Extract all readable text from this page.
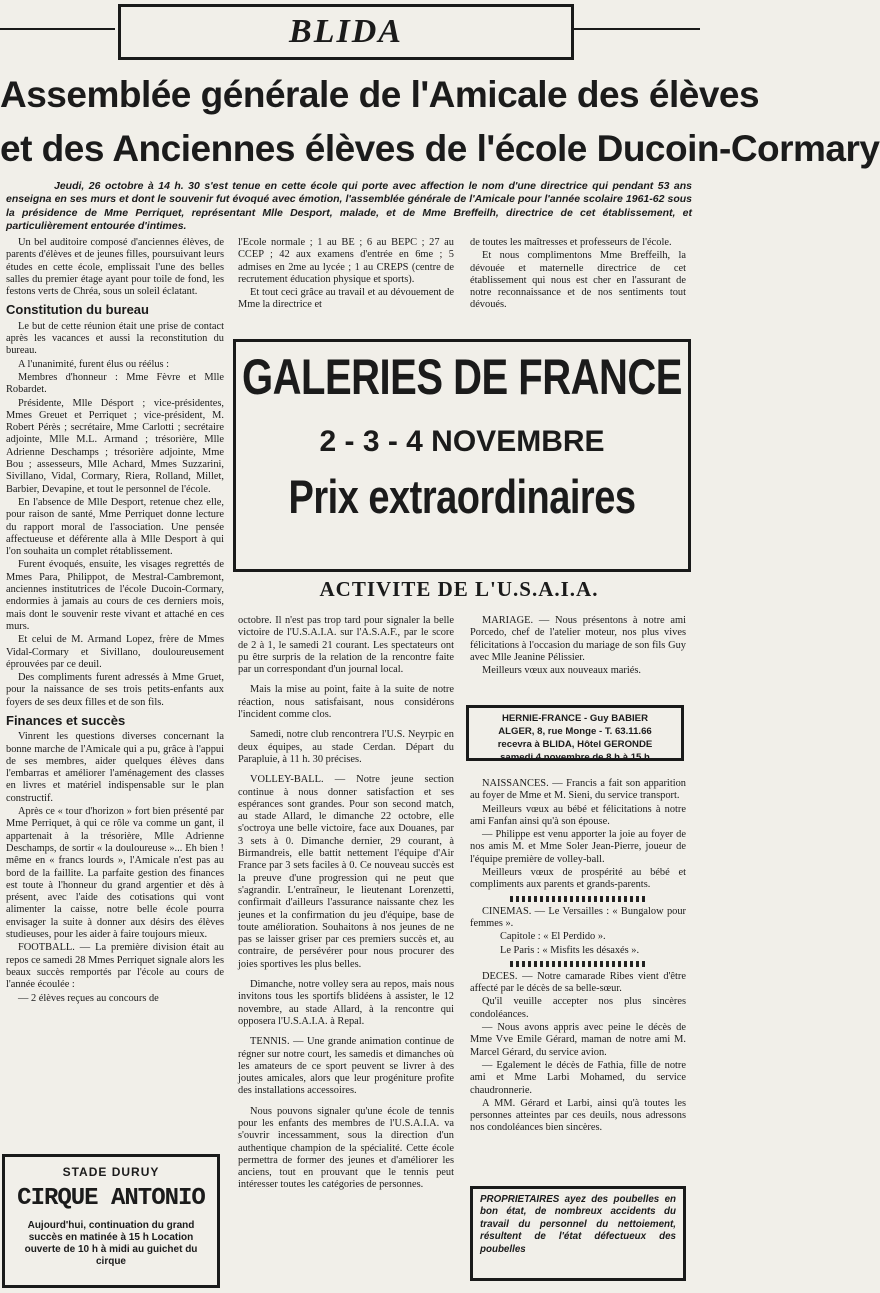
BLIDA
Assemblée générale de l'Amicale des élèves
et des Anciennes élèves de l'école Ducoin-Cormary
Jeudi, 26 octobre à 14 h. 30 s'est tenue en cette école qui porte avec affection le nom d'une directrice qui pendant 53 ans enseigna en ses murs et dont le souvenir fut évoqué avec émotion, l'assemblée générale de l'Amicale pour l'année scolaire 1961-62 sous la présidence de Mme Perriquet, représentant Mlle Desport, malade, et de Mme Breffeilh, directrice de cet établissement, et particulièrement entourée d'intimes.

Un bel auditoire composé d'anciennes élèves, de parents d'élèves et de jeunes filles, poursuivant leurs études en cette école, emplissait l'une des belles salles du premier étage ayant pour toile de fond, les festons verts de Chréa, sous un soleil éclatant.

Constitution du bureau

Le but de cette réunion était une prise de contact après les vacances et aussi la reconstitution du bureau.

A l'unanimité, furent élus ou réélus :

Membres d'honneur : Mme Fèvre et Mlle Robardet.

Présidente, Mlle Désport ; vice-présidentes, Mmes Greuet et Perriquet ; vice-président, M. Robert Pérès ; secrétaire, Mme Carlotti ; secrétaire adjointe, Mlle M.L. Armand ; trésorière, Mlle Adrienne Deschamps ; trésorière adjointe, Mme Bou ; assesseurs, Mlle Achard, Mmes Suzzarini, Sivillano, Vidal, Cormary, Riera, Rolland, Millet, Barbier, Devapine, et tout le personnel de l'école.

En l'absence de Mlle Desport, retenue chez elle, pour raison de santé, Mme Perriquet donne lecture du rapport moral de l'association. Une pensée affectueuse et déférente alla à Mlle Desport à qui l'on souhaita un complet rétablissement.

Furent évoqués, ensuite, les visages regrettés de Mmes Para, Philippot, de Mestral-Cambremont, anciennes institutrices de l'école Ducoin-Cormary, endormies à jamais au cours de ces derniers mois, mais dont le souvenir reste vivant et attaché en ces murs.

Et celui de M. Armand Lopez, frère de Mmes Vidal-Cormary et Sivillano, douloureusement éprouvées par ce deuil.

Des compliments furent adressés à Mme Gruet, pour la naissance de ses trois petits-enfants aux foyers de ses deux filles et de son fils.

Finances et succès

Vinrent les questions diverses concernant la bonne marche de l'Amicale qui a pu, grâce à l'appui de ses membres, aider quelques élèves dans l'embarras et améliorer l'aménagement des classes en livres et matériel indispensable sur le plan constructif.

Après ce « tour d'horizon » fort bien présenté par Mme Perriquet, à qui ce rôle va comme un gant, il appartenait à la trésorière, Mlle Adrienne Deschamps, de sortir « la douloureuse »... Eh bien ! même en « francs lourds », l'Amicale n'est pas au bord de la faillite. La parfaite gestion des finances est toute à l'honneur du grand argentier et dès à présent, avec l'aide des cotisations qui vont alimenter la caisse, notre belle école pourra envisager la suite à donner aux désirs des élèves studieuses, pour les aider à faire toujours mieux.

FOOTBALL. — La première division était au repos ce samedi 28 Mmes Perriquet signale alors les beaux succès remportés par l'école au cours de l'année écoulée :

— 2 élèves reçues au concours de

l'Ecole normale ; 1 au BE ; 6 au BEPC ; 27 au CCEP ; 42 aux examens d'entrée en 6me ; 5 admises en 2me au lycée ; 1 au CREPS (centre de recrutement éducation physique et sports).

Et tout ceci grâce au travail et au dévouement de Mme la directrice et

de toutes les maîtresses et professeurs de l'école.

Et nous complimentons Mme Breffeilh, la dévouée et maternelle directrice de cet établissement qui nous est cher en l'assurant de notre reconnaissance et de nos sentiments tout dévoués.

GALERIES DE FRANCE
2 - 3 - 4 NOVEMBRE
Prix extraordinaires
ACTIVITE DE L'U.S.A.I.A.

octobre. Il n'est pas trop tard pour signaler la belle victoire de l'U.S.A.I.A. sur l'A.S.A.F., par le score de 2 à 1, le samedi 21 courant. Les spectateurs ont pu être surpris de la relation de la rencontre faite par un correspondant d'un journal local.

Mais la mise au point, faite à la suite de notre réaction, nous satisfaisant, nous considérons l'incident comme clos.

Samedi, notre club rencontrera l'U.S. Neyrpic en deux équipes, au stade Cerdan. Départ du Parapluie, à 11 h. 30 précises.

VOLLEY-BALL. — Notre jeune section continue à nous donner satisfaction et ses espérances sont grandes. Pour son second match, au stade Allard, le dimanche 22 octobre, elle s'octroya une belle victoire, face aux Douanes, par 3 sets à 0. Dimanche dernier, 29 courant, à Birmandreis, elle battit nettement l'équipe d'Air France par 3 sets faciles à 0. Ce nouveau succès est la preuve d'une progression qui ne peut que s'agrandir. L'entraîneur, le lieutenant Lorenzetti, confirmait d'ailleurs l'assurance naissante chez les jeunes et la confirmation du jeu d'équipe, base de toute amélioration. Souhaitons à nos jeunes de ne pas se laisser griser par ces premiers succès et, au contraire, de persévérer pour nous procurer des joies sportives les plus belles.

Dimanche, notre volley sera au repos, mais nous invitons tous les sportifs blidéens à assister, le 12 novembre, au stade Allard, à la rencontre qui opposera l'U.S.A.I.A. à Repal.

TENNIS. — Une grande animation continue de régner sur notre court, les samedis et dimanches où les amateurs de ce sport peuvent se livrer à des joutes amicales, alors que leur progéniture profite des installations accessoires.

Nous pouvons signaler qu'une école de tennis pour les enfants des membres de l'U.S.A.I.A. va s'ouvrir incessamment, sous la direction d'un authentique champion de la spécialité. Cette école permettra de former des jeunes et d'améliorer les anciens, tout en prouvant que le tennis peut intéresser toutes les catégories de personnes.

MARIAGE. — Nous présentons à notre ami Porcedo, chef de l'atelier moteur, nos plus vives félicitations à l'occasion du mariage de son fils Guy avec Mlle Jeanine Pélissier.

Meilleurs vœux aux nouveaux mariés.

HERNIE-FRANCE - Guy BABIER
ALGER, 8, rue Monge - T. 63.11.66
recevra à BLIDA, Hôtel GERONDE
samedi 4 novembre de 8 h à 15 h

NAISSANCES. — Francis a fait son apparition au foyer de Mme et M. Sieni, du service transport.

Meilleurs vœux au bébé et félicitations à notre ami Fanfan ainsi qu'à son épouse.

— Philippe est venu apporter la joie au foyer de nos amis M. et Mme Soler Jean-Pierre, joueur de l'équipe première de volley-ball.

Meilleurs vœux de prospérité au bébé et compliments aux parents et grands-parents.

CINEMAS. — Le Versailles : « Bungalow pour femmes ».

Capitole : « El Perdido ».

Le Paris : « Misfits les désaxés ».

DECES. — Notre camarade Ribes vient d'être affecté par le décès de sa belle-sœur.

Qu'il veuille accepter nos plus sincères condoléances.

— Nous avons appris avec peine le décès de Mme Vve Emile Gérard, maman de notre ami M. Marcel Gérard, du service avion.

— Egalement le décès de Fathia, fille de notre ami et Mme Larbi Mohamed, du service chaudronnerie.

A MM. Gérard et Larbi, ainsi qu'à toutes les personnes atteintes par ces deuils, nous adressons nos condoléances bien sincères.

STADE DURUY
CIRQUE ANTONIO
Aujourd'hui, continuation du grand succès en matinée à 15 h Location ouverte de 10 h à midi au guichet du cirque
PROPRIETAIRES ayez des poubelles en bon état, de nombreux accidents du travail du personnel du nettoiement, résultent de l'état défectueux des poubelles
